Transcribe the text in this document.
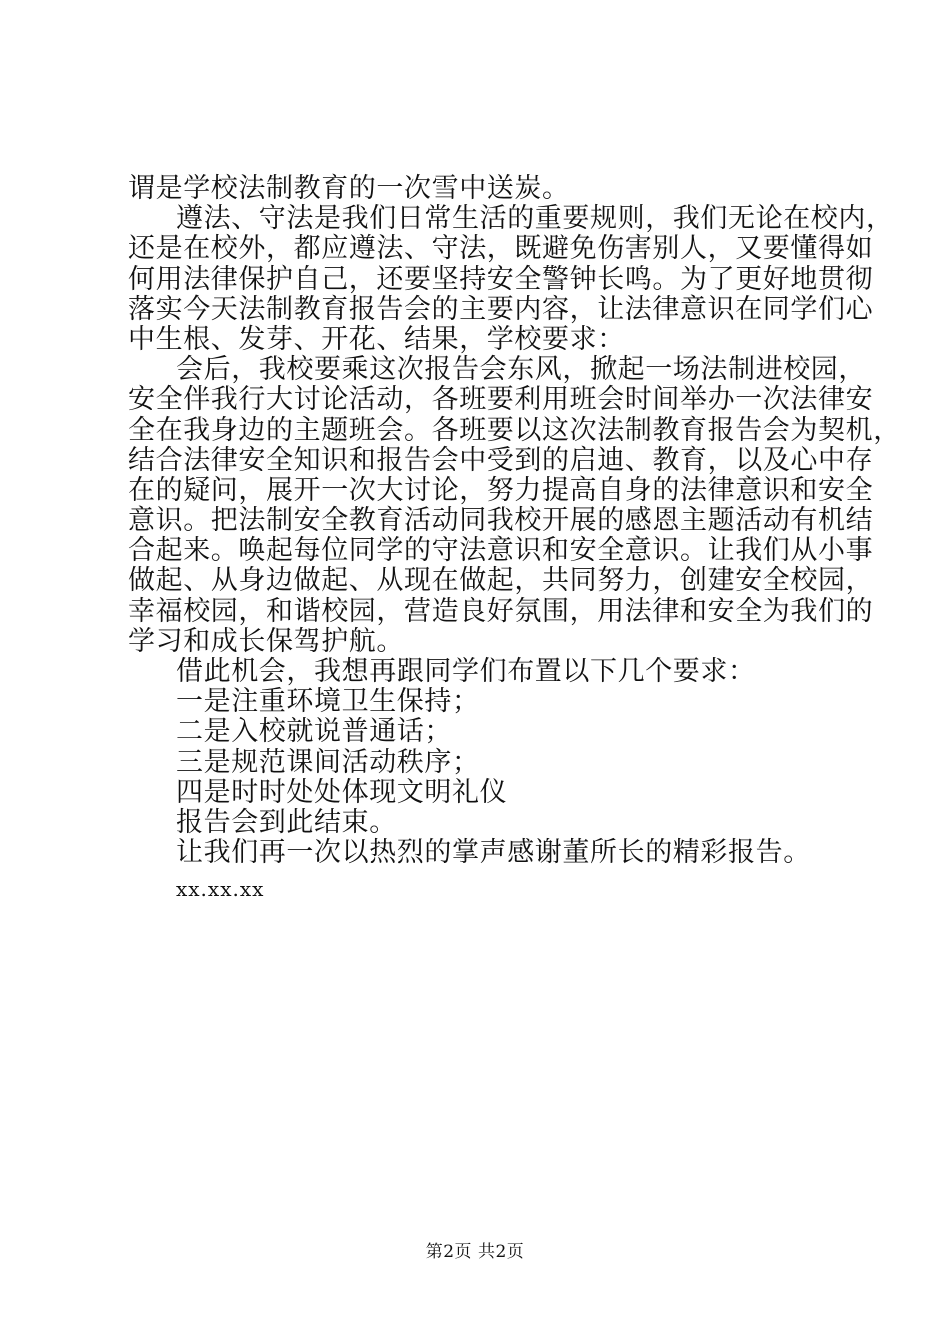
谓是学校法制教育的一次雪中送炭。
遵法、守法是我们日常生活的重要规则，我们无论在校内，
还是在校外，都应遵法、守法，既避免伤害别人，又要懂得如
何用法律保护自己，还要坚持安全警钟长鸣。为了更好地贯彻
落实今天法制教育报告会的主要内容，让法律意识在同学们心
中生根、发芽、开花、结果，学校要求：
会后，我校要乘这次报告会东风，掀起一场法制进校园，
安全伴我行大讨论活动，各班要利用班会时间举办一次法律安
全在我身边的主题班会。各班要以这次法制教育报告会为契机，
结合法律安全知识和报告会中受到的启迪、教育，以及心中存
在的疑问，展开一次大讨论，努力提高自身的法律意识和安全
意识。把法制安全教育活动同我校开展的感恩主题活动有机结
合起来。唤起每位同学的守法意识和安全意识。让我们从小事
做起、从身边做起、从现在做起，共同努力，创建安全校园，
幸福校园，和谐校园，营造良好氛围，用法律和安全为我们的
学习和成长保驾护航。
借此机会，我想再跟同学们布置以下几个要求：
一是注重环境卫生保持；
二是入校就说普通话；
三是规范课间活动秩序；
四是时时处处体现文明礼仪
报告会到此结束。
让我们再一次以热烈的掌声感谢董所长的精彩报告。
xx.xx.xx
第2页 共2页
